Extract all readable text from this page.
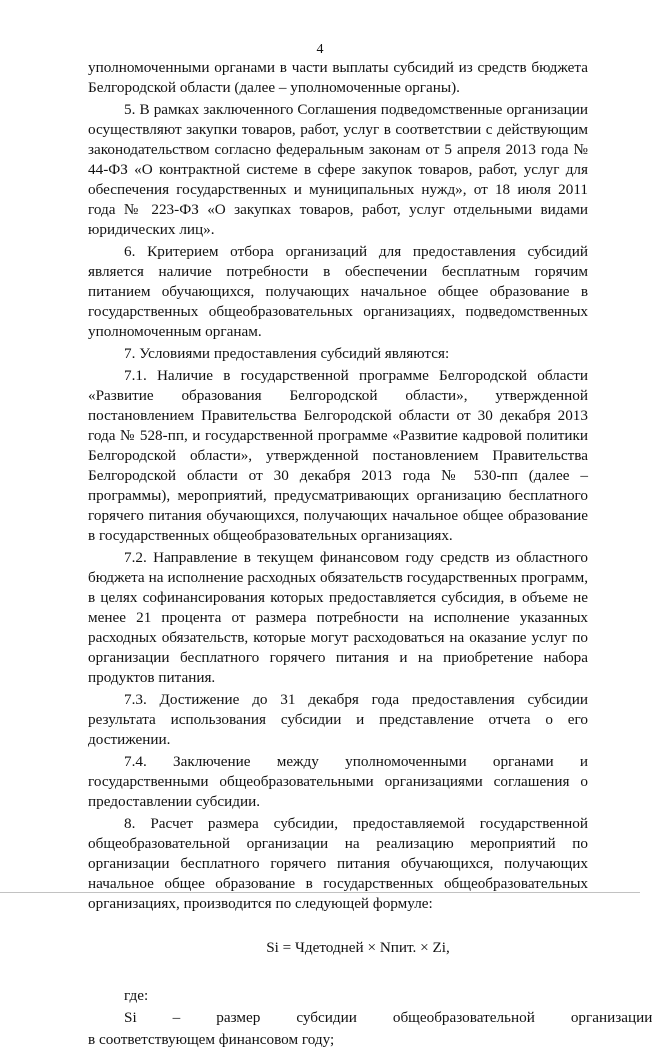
4

уполномоченными органами в части выплаты субсидий из средств бюджета Белгородской области (далее – уполномоченные органы).

5. В рамках заключенного Соглашения подведомственные организации осуществляют закупки товаров, работ, услуг в соответствии с действующим законодательством согласно федеральным законам от 5 апреля 2013 года № 44-ФЗ «О контрактной системе в сфере закупок товаров, работ, услуг для обеспечения государственных и муниципальных нужд», от 18 июля 2011 года № 223-ФЗ «О закупках товаров, работ, услуг отдельными видами юридических лиц».

6. Критерием отбора организаций для предоставления субсидий является наличие потребности в обеспечении бесплатным горячим питанием обучающихся, получающих начальное общее образование в государственных общеобразовательных организациях, подведомственных уполномоченным органам.

7. Условиями предоставления субсидий являются:

7.1. Наличие в государственной программе Белгородской области «Развитие образования Белгородской области», утвержденной постановлением Правительства Белгородской области от 30 декабря 2013 года № 528-пп, и государственной программе «Развитие кадровой политики Белгородской области», утвержденной постановлением Правительства Белгородской области от 30 декабря 2013 года № 530-пп (далее – программы), мероприятий, предусматривающих организацию бесплатного горячего питания обучающихся, получающих начальное общее образование в государственных общеобразовательных организациях.

7.2. Направление в текущем финансовом году средств из областного бюджета на исполнение расходных обязательств государственных программ, в целях софинансирования которых предоставляется субсидия, в объеме не менее 21 процента от размера потребности на исполнение указанных расходных обязательств, которые могут расходоваться на оказание услуг по организации бесплатного горячего питания и на приобретение набора продуктов питания.

7.3. Достижение до 31 декабря года предоставления субсидии результата использования субсидии и представление отчета о его достижении.

7.4. Заключение между уполномоченными органами и государственными общеобразовательными организациями соглашения о предоставлении субсидии.

8. Расчет размера субсидии, предоставляемой государственной общеобразовательной организации на реализацию мероприятий по организации бесплатного горячего питания обучающихся, получающих начальное общее образование в государственных общеобразовательных организациях, производится по следующей формуле:

Si = Чдетодней × Nпит. × Zi,

где:

Si	–	размер	субсидии	общеобразовательной	организации

в соответствующем финансовом году;
